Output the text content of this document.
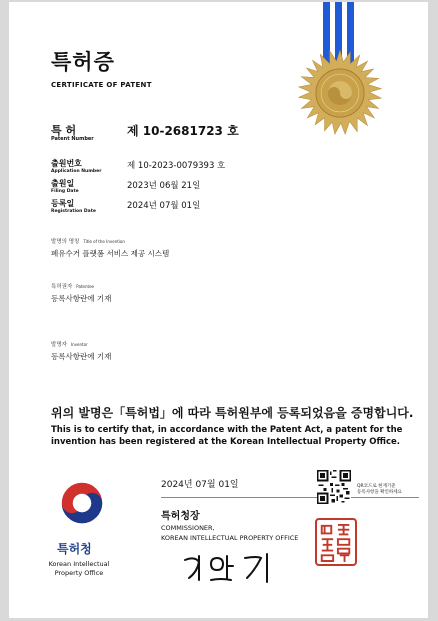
특허증
CERTIFICATE OF PATENT
특 허
Patent Number
제 10-2681723 호
출원번호
Application Number
제 10-2023-0079393 호
출원일
Filing Date
2023년 06월 21일
등록일
Registration Date
2024년 07월 01일
발명의 명칭 Title of the Invention
폐유수거 플랫폼 서비스 제공 시스템
특허권자 Patentee
등록사항란에 기재
발명자 Inventor
등록사항란에 기재
위의 발명은「특허법」에 따라 특허원부에 등록되었음을 증명합니다.
This is to certify that, in accordance with the Patent Act, a patent for the invention has been registered at the Korean Intellectual Property Office.
2024년 07월 01일
특허청장
COMMISSIONER,
KOREAN INTELLECTUAL PROPERTY OFFICE
QR코드로 현재기준
등록사항을 확인하세요
특허청
Korean Intellectual Property Office
